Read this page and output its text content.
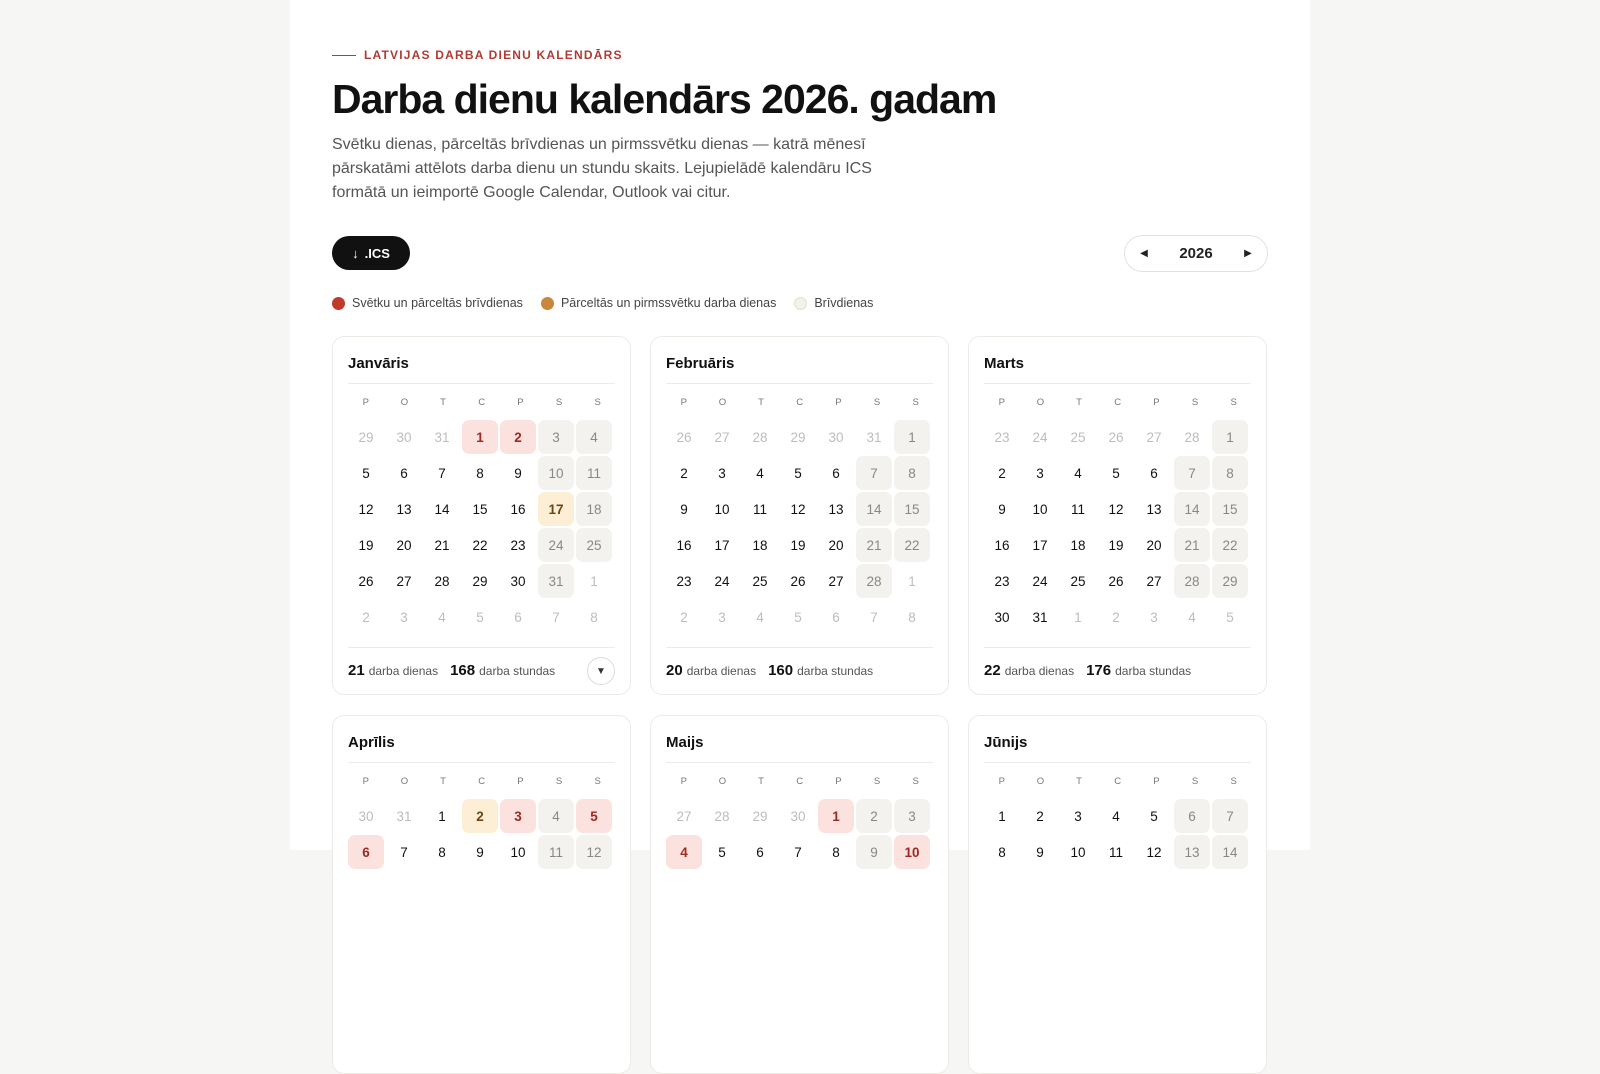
LATVIJAS DARBA DIENU KALENDĀRS
Darba dienu kalendārs 2026. gadam

Svētku dienas, pārceltās brīvdienas un pirmssvētku dienas — katrā mēnesī pārskatāmi attēlots darba dienu un stundu skaits. Lejupielādē kalendāru ICS formātā un ieimportē Google Calendar, Outlook vai citur.

↓ .ICS	◀ 2026	▶
Svētku un pārceltās brīvdienas	Pārceltās un pirmssvētku darba dienas	Brīvdienas
Janvāris
P	O	T	C	P	S	S
29	30	31	1	2	3	4
5	6	7	8	9	10	11
12	13	14	15	16	17	18
19	20	21	22	23	24	25
26	27	28	29	30	31	1
2	3	4	5	6	7	8
21 darba dienas 168 darba stundas	▼
Februāris
P	O	T	C	P	S	S
26	27	28	29	30	31	1
2	3	4	5	6	7	8
9	10	11	12	13	14	15
16	17	18	19	20	21	22
23	24	25	26	27	28	1
2	3	4	5	6	7	8
20 darba dienas 160 darba stundas
Marts
P	O	T	C	P	S	S
23	24	25	26	27	28	1
2	3	4	5	6	7	8
9	10	11	12	13	14	15
16	17	18	19	20	21	22
23	24	25	26	27	28	29
30	31	1	2	3	4	5
22 darba dienas 176 darba stundas
Aprīlis
P	O	T	C	P	S	S
30	31	1	2	3	4	5
6	7	8	9	10	11	12
Maijs
P	O	T	C	P	S	S
27	28	29	30	1	2	3
4	5	6	7	8	9	10
Jūnijs
P	O	T	C	P	S	S
1	2	3	4	5	6	7
8	9	10	11	12	13	14
